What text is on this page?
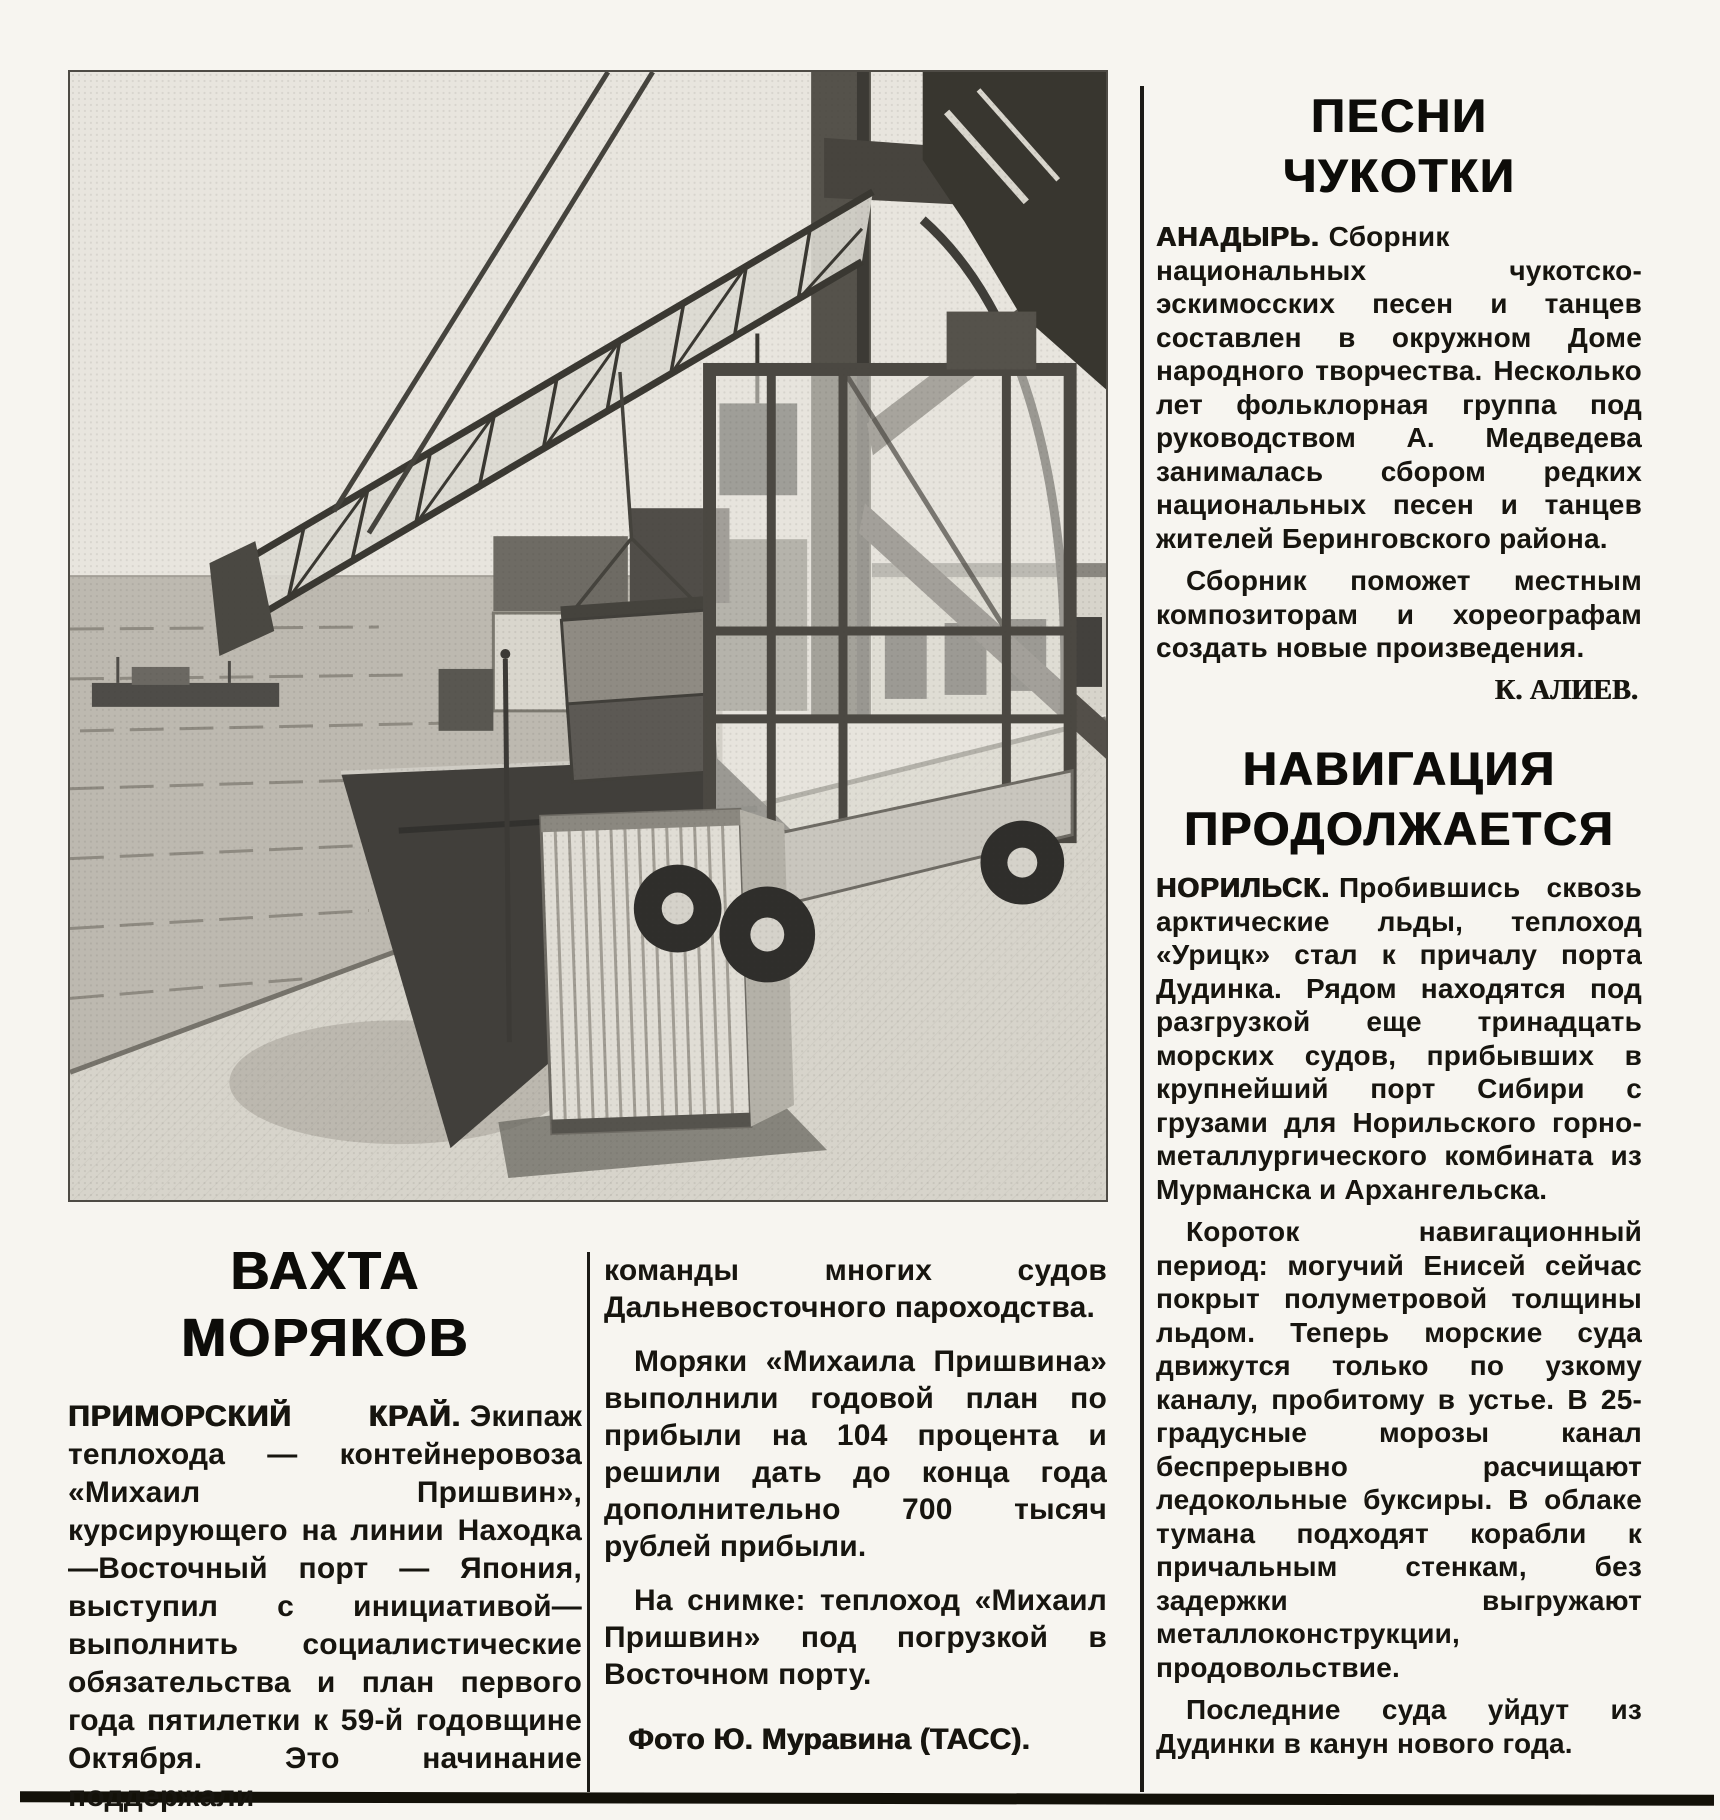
ВАХТА
МОРЯКОВ

ПРИМОРСКИЙ КРАЙ. Экипаж теплохода — контейнеровоза «Михаил Пришвин», курсирующего на линии Находка—Восточный порт — Япония, выступил с инициативой—выполнить социалистические обязательства и план первого года пятилетки к 59-й годовщине Октября. Это начинание поддержали

команды многих судов Дальневосточного пароходства.

Моряки «Михаила Пришвина» выполнили годовой план по прибыли на 104 процента и решили дать до конца года дополнительно 700 тысяч рублей прибыли.

На снимке: теплоход «Михаил Пришвин» под погрузкой в Восточном порту.

Фото Ю. Муравина (ТАСС).

ПЕСНИ
ЧУКОТКИ

АНАДЫРЬ. Сборник национальных чукотско-эскимосских песен и танцев составлен в окружном Доме народного творчества. Несколько лет фольклорная группа под руководством А. Медведева занималась сбором редких национальных песен и танцев жителей Беринговского района.

Сборник поможет местным композиторам и хореографам создать новые произведения.

К. АЛИЕВ.

НАВИГАЦИЯ
ПРОДОЛЖАЕТСЯ

НОРИЛЬСК. Пробившись сквозь арктические льды, теплоход «Урицк» стал к причалу порта Дудинка. Рядом находятся под разгрузкой еще тринадцать морских судов, прибывших в крупнейший порт Сибири с грузами для Норильского горно-металлургического комбината из Мурманска и Архангельска.

Короток навигационный период: могучий Енисей сейчас покрыт полуметровой толщины льдом. Теперь морские суда движутся только по узкому каналу, пробитому в устье. В 25-градусные морозы канал беспрерывно расчищают ледокольные буксиры. В облаке тумана подходят корабли к причальным стенкам, без задержки выгружают металлоконструкции, продовольствие.

Последние суда уйдут из Дудинки в канун нового года.
